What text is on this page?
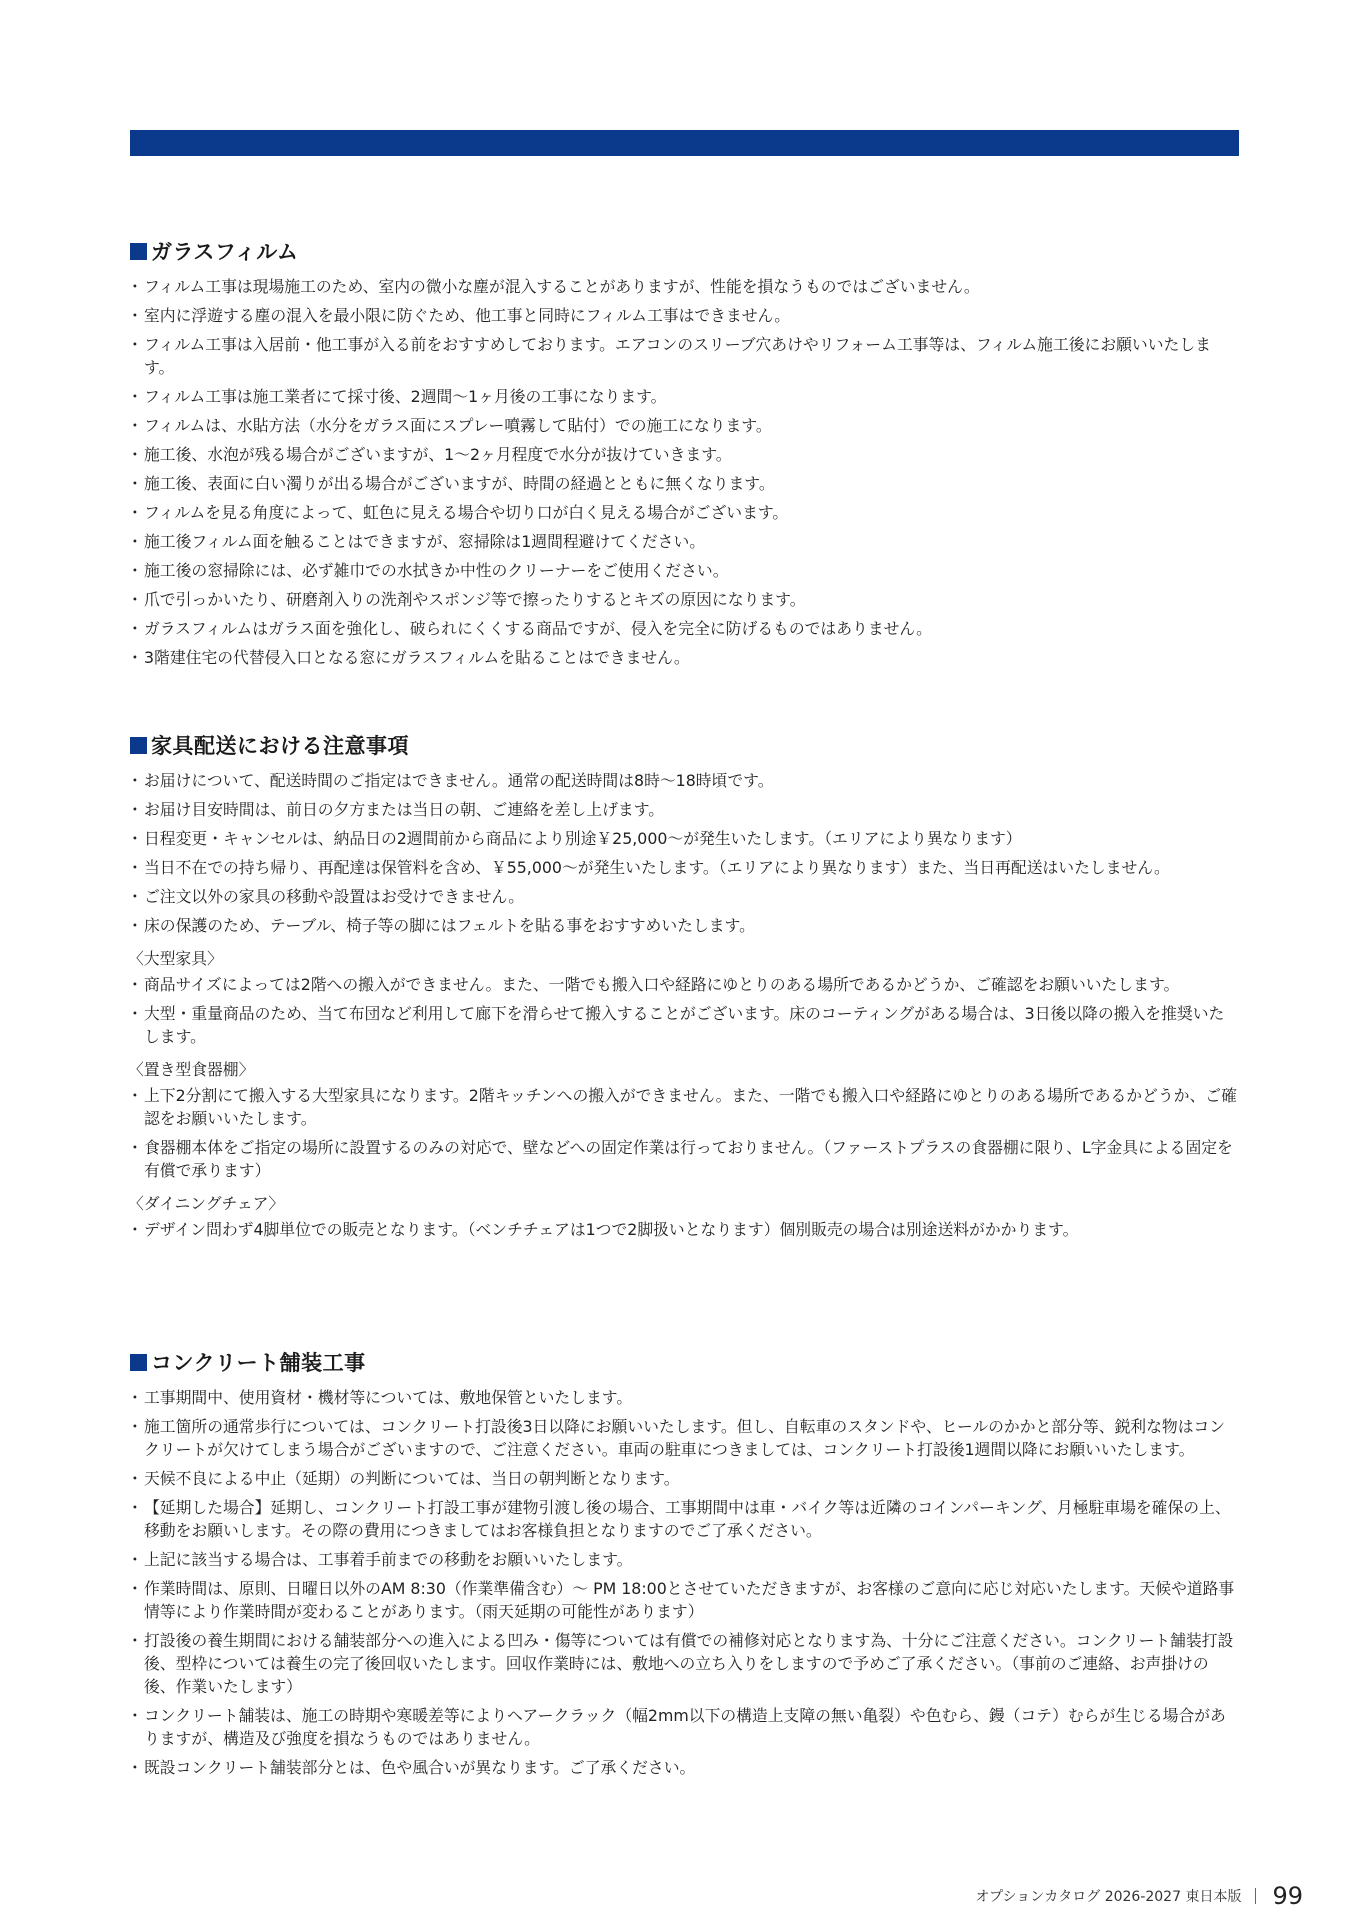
ガラスフィルム
・ フィルム工事は現場施工のため、室内の微小な塵が混入することがありますが、性能を損なうものではございません。
・ 室内に浮遊する塵の混入を最小限に防ぐため、他工事と同時にフィルム工事はできません。
・ フィルム工事は入居前・他工事が入る前をおすすめしております。エアコンのスリーブ穴あけやリフォーム工事等は、フィルム施工後にお願いいたします。
・ フィルム工事は施工業者にて採寸後、2週間〜1ヶ月後の工事になります。
・ フィルムは、水貼方法（水分をガラス面にスプレー噴霧して貼付）での施工になります。
・ 施工後、水泡が残る場合がございますが、1〜2ヶ月程度で水分が抜けていきます。
・ 施工後、表面に白い濁りが出る場合がございますが、時間の経過とともに無くなります。
・ フィルムを見る角度によって、虹色に見える場合や切り口が白く見える場合がございます。
・ 施工後フィルム面を触ることはできますが、窓掃除は1週間程避けてください。
・ 施工後の窓掃除には、必ず雑巾での水拭きか中性のクリーナーをご使用ください。
・ 爪で引っかいたり、研磨剤入りの洗剤やスポンジ等で擦ったりするとキズの原因になります。
・ ガラスフィルムはガラス面を強化し、破られにくくする商品ですが、侵入を完全に防げるものではありません。
・ 3階建住宅の代替侵入口となる窓にガラスフィルムを貼ることはできません。
家具配送における注意事項
・ お届けについて、配送時間のご指定はできません。通常の配送時間は8時〜18時頃です。
・ お届け目安時間は、前日の夕方または当日の朝、ご連絡を差し上げます。
・ 日程変更・キャンセルは、納品日の2週間前から商品により別途￥25,000〜が発生いたします。（エリアにより異なります）
・ 当日不在での持ち帰り、再配達は保管料を含め、￥55,000〜が発生いたします。（エリアにより異なります）また、当日再配送はいたしません。
・ ご注文以外の家具の移動や設置はお受けできません。
・ 床の保護のため、テーブル、椅子等の脚にはフェルトを貼る事をおすすめいたします。
〈大型家具〉
・ 商品サイズによっては2階への搬入ができません。また、一階でも搬入口や経路にゆとりのある場所であるかどうか、ご確認をお願いいたします。
・ 大型・重量商品のため、当て布団など利用して廊下を滑らせて搬入することがございます。床のコーティングがある場合は、3日後以降の搬入を推奨いたします。
〈置き型食器棚〉
・ 上下2分割にて搬入する大型家具になります。2階キッチンへの搬入ができません。また、一階でも搬入口や経路にゆとりのある場所であるかどうか、ご確認をお願いいたします。
・ 食器棚本体をご指定の場所に設置するのみの対応で、壁などへの固定作業は行っておりません。（ファーストプラスの食器棚に限り、L字金具による固定を有償で承ります）
〈ダイニングチェア〉
・ デザイン問わず4脚単位での販売となります。（ベンチチェアは1つで2脚扱いとなります）個別販売の場合は別途送料がかかります。
コンクリート舗装工事
・ 工事期間中、使用資材・機材等については、敷地保管といたします。
・ 施工箇所の通常歩行については、コンクリート打設後3日以降にお願いいたします。但し、自転車のスタンドや、ヒールのかかと部分等、鋭利な物はコンクリートが欠けてしまう場合がございますので、ご注意ください。車両の駐車につきましては、コンクリート打設後1週間以降にお願いいたします。
・ 天候不良による中止（延期）の判断については、当日の朝判断となります。
・ 【延期した場合】延期し、コンクリート打設工事が建物引渡し後の場合、工事期間中は車・バイク等は近隣のコインパーキング、月極駐車場を確保の上、移動をお願いします。その際の費用につきましてはお客様負担となりますのでご了承ください。
・ 上記に該当する場合は、工事着手前までの移動をお願いいたします。
・ 作業時間は、原則、日曜日以外のAM 8:30（作業準備含む）〜 PM 18:00とさせていただきますが、お客様のご意向に応じ対応いたします。天候や道路事情等により作業時間が変わることがあります。（雨天延期の可能性があります）
・ 打設後の養生期間における舗装部分への進入による凹み・傷等については有償での補修対応となります為、十分にご注意ください。コンクリート舗装打設後、型枠については養生の完了後回収いたします。回収作業時には、敷地への立ち入りをしますので予めご了承ください。（事前のご連絡、お声掛けの後、作業いたします）
・ コンクリート舗装は、施工の時期や寒暖差等によりヘアークラック（幅2mm以下の構造上支障の無い亀裂）や色むら、鏝（コテ）むらが生じる場合がありますが、構造及び強度を損なうものではありません。
・ 既設コンクリート舗装部分とは、色や風合いが異なります。ご了承ください。
オプションカタログ 2026-2027 東日本版 99
